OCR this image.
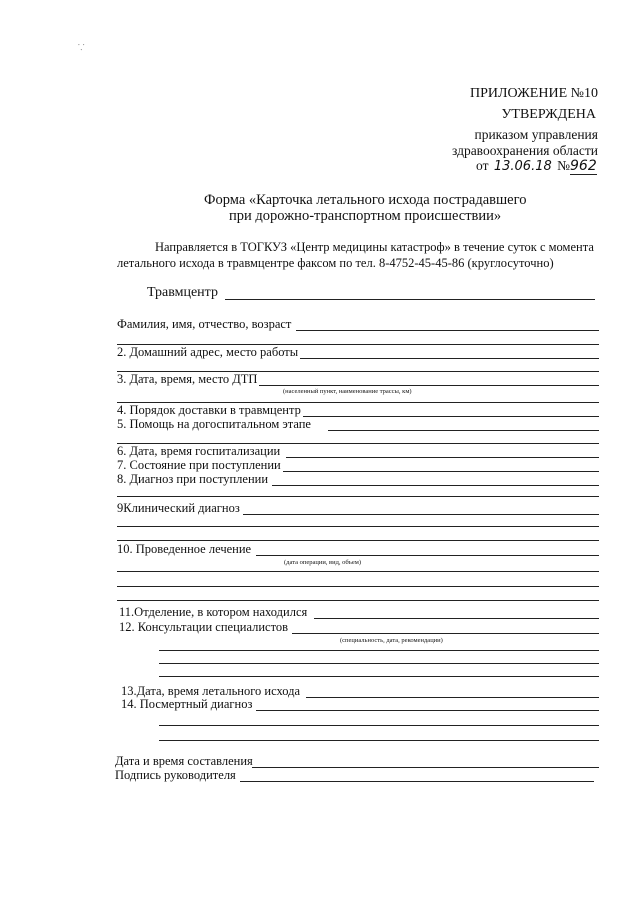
⸪
ПРИЛОЖЕНИЕ №10
УТВЕРЖДЕНА
приказом управления
здравоохранения области
от 13.06.18 №962
Форма «Карточка летального исхода пострадавшего
при дорожно-транспортном происшествии»
Направляется в ТОГКУЗ «Центр медицины катастроф» в течение суток с момента
летального исхода в травмцентре факсом по тел. 8-4752-45-45-86 (круглосуточно)
Травмцентр
Фамилия, имя, отчество, возраст
2. Домашний адрес, место работы
3. Дата, время, место ДТП
(населенный пункт, наименование трассы, км)
4. Порядок доставки в травмцентр
5. Помощь на догоспитальном этапе
6. Дата, время госпитализации
7. Состояние при поступлении
8. Диагноз при поступлении
9Клинический диагноз
10. Проведенное лечение
(дата операции, вид, объем)
11.Отделение, в котором находился
12. Консультации специалистов
(специальность, дата, рекомендации)
13.Дата, время летального исхода
14. Посмертный диагноз
Дата и время составления
Подпись руководителя
